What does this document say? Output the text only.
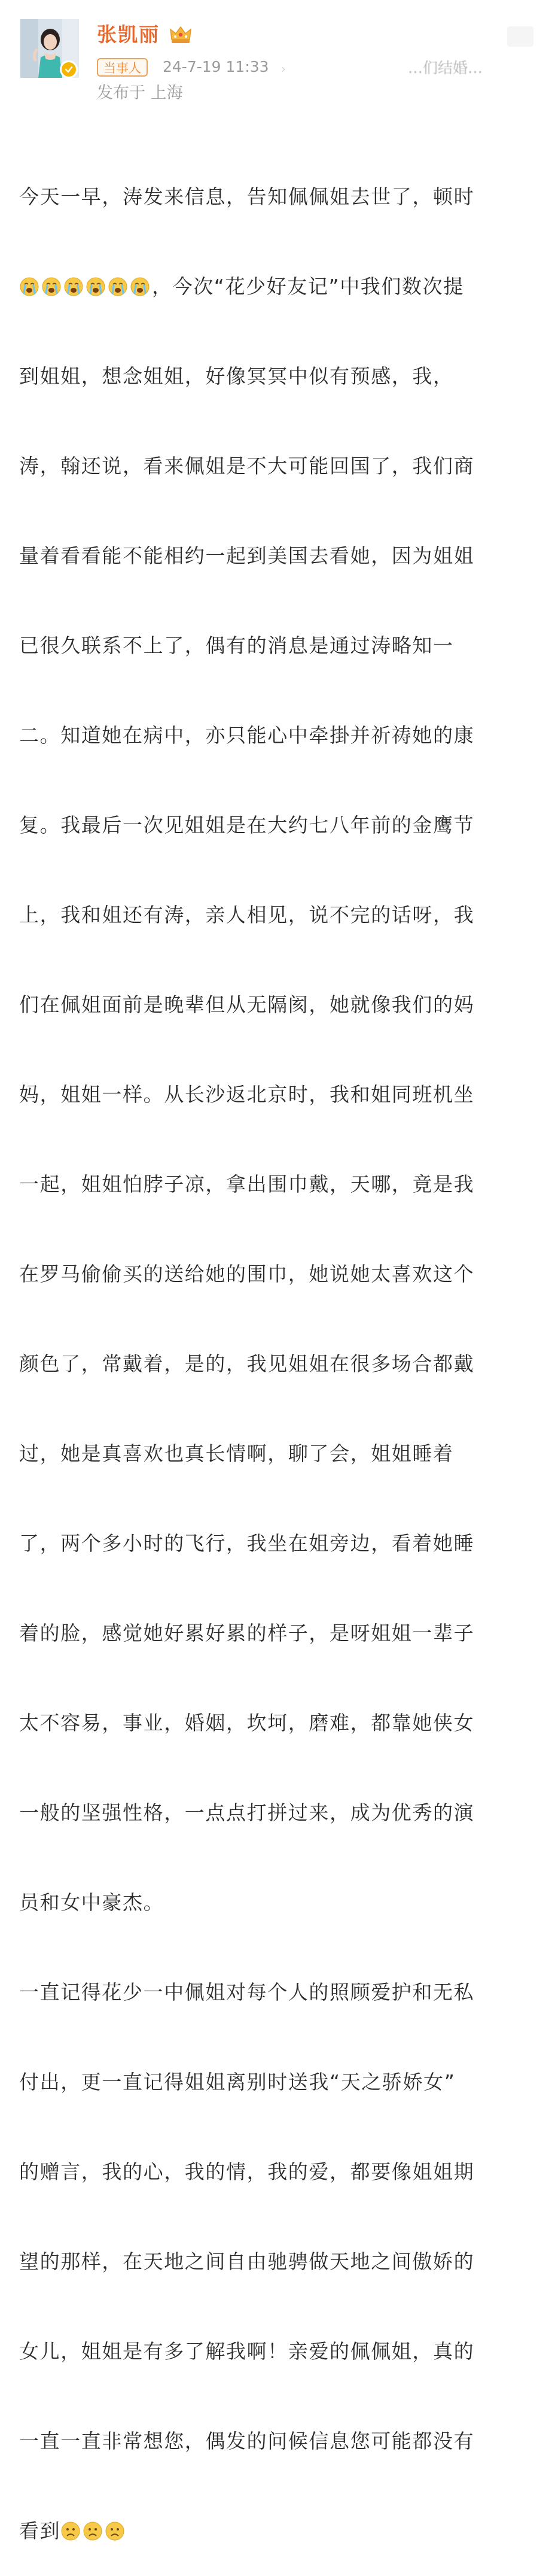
张凯丽
当事人	24-7-19 11:33 ›	…们结婚…
发布于 上海

今天一早，涛发来信息，告知佩佩姐去世了，顿时

，今次“花少好友记”中我们数次提

到姐姐，想念姐姐，好像冥冥中似有预感，我，

涛，翰还说，看来佩姐是不大可能回国了，我们商

量着看看能不能相约一起到美国去看她，因为姐姐

已很久联系不上了，偶有的消息是通过涛略知一

二。知道她在病中，亦只能心中牵掛并祈祷她的康

复。我最后一次见姐姐是在大约七八年前的金鹰节

上，我和姐还有涛，亲人相见，说不完的话呀，我

们在佩姐面前是晚辈但从无隔阂，她就像我们的妈

妈，姐姐一样。从长沙返北京时，我和姐同班机坐

一起，姐姐怕脖子凉，拿出围巾戴，天哪，竟是我

在罗马偷偷买的送给她的围巾，她说她太喜欢这个

颜色了，常戴着，是的，我见姐姐在很多场合都戴

过，她是真喜欢也真长情啊，聊了会，姐姐睡着

了，两个多小时的飞行，我坐在姐旁边，看着她睡

着的脸，感觉她好累好累的样子，是呀姐姐一辈子

太不容易，事业，婚姻，坎坷，磨难，都靠她侠女

一般的坚强性格，一点点打拼过来，成为优秀的演

员和女中豪杰。

一直记得花少一中佩姐对每个人的照顾爱护和无私

付出，更一直记得姐姐离别时送我“天之骄娇女”

的赠言，我的心，我的情，我的爱，都要像姐姐期

望的那样，在天地之间自由驰骋做天地之间傲娇的

女儿，姐姐是有多了解我啊！亲爱的佩佩姐，真的

一直一直非常想您，偶发的问候信息您可能都没有

看到
